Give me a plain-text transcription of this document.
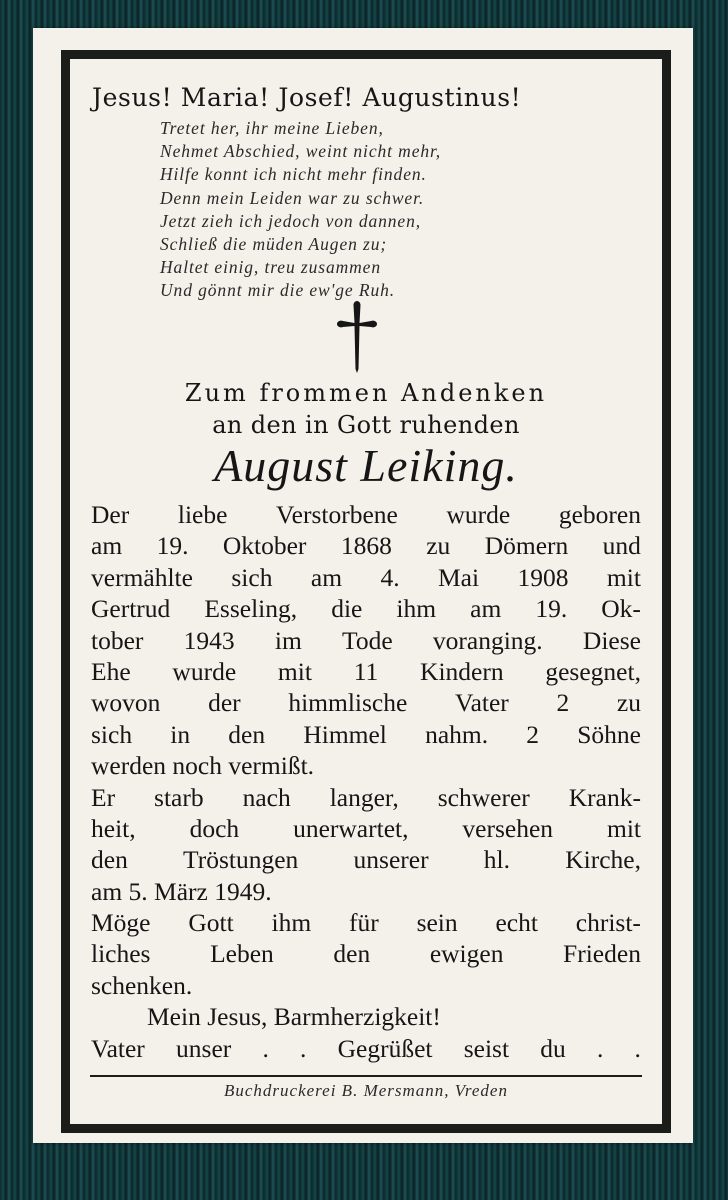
Jesus! Maria! Josef! Augustinus!
Tretet her, ihr meine Lieben,
Nehmet Abschied, weint nicht mehr,
Hilfe konnt ich nicht mehr finden.
Denn mein Leiden war zu schwer.
Jetzt zieh ich jedoch von dannen,
Schließ die müden Augen zu;
Haltet einig, treu zusammen
Und gönnt mir die ew'ge Ruh.
Zum frommen Andenken
an den in Gott ruhenden
August Leiking.
Der liebe Verstorbene wurde geboren
am 19. Oktober 1868 zu Dömern und
vermählte sich am 4. Mai 1908 mit
Gertrud Esseling, die ihm am 19. Ok-
tober 1943 im Tode voranging. Diese
Ehe wurde mit 11 Kindern gesegnet,
wovon der himmlische Vater 2 zu
sich in den Himmel nahm. 2 Söhne
werden noch vermißt.
Er starb nach langer, schwerer Krank-
heit, doch unerwartet, versehen mit
den Tröstungen unserer hl. Kirche,
am 5. März 1949.
Möge Gott ihm für sein echt christ-
liches Leben den ewigen Frieden
schenken.
Mein Jesus, Barmherzigkeit!
Vater unser . . Gegrüßet seist du . .
Buchdruckerei B. Mersmann, Vreden
